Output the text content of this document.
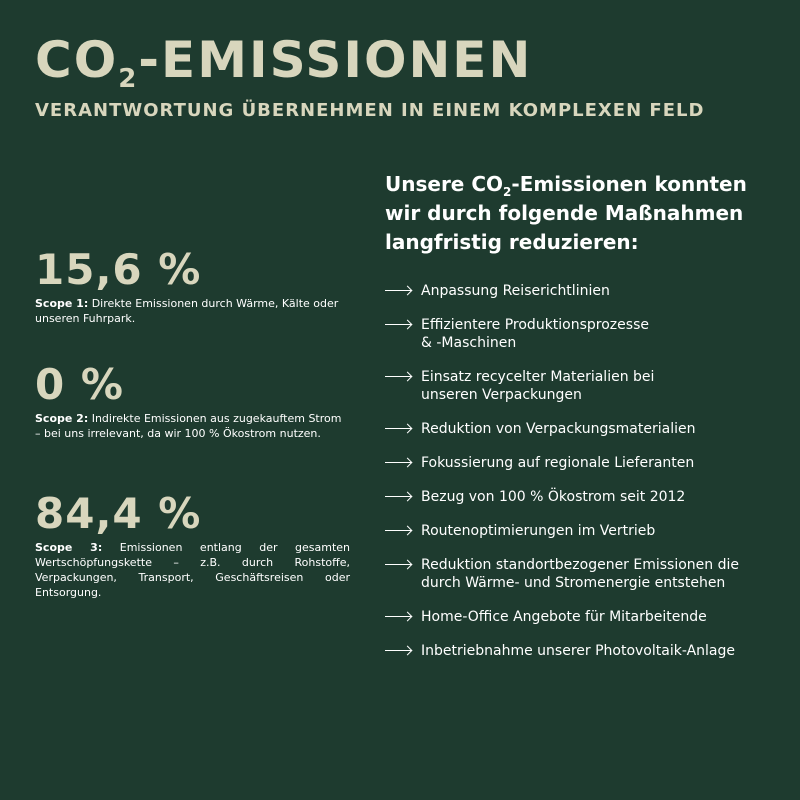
$CO_2$-EMISSIONEN
VERANTWORTUNG ÜBERNEHMEN IN EINEM KOMPLEXEN FELD
15,6 %
Scope 1: Direkte Emissionen durch Wärme, Kälte oder unseren Fuhrpark.
0 %
Scope 2: Indirekte Emissionen aus zugekauftem Strom – bei uns irrelevant, da wir 100 % Ökostrom nutzen.
84,4 %
Scope 3: Emissionen entlang der gesamten Wertschöpfungskette – z.B. durch Rohstoffe, Verpackungen, Transport, Geschäftsreisen oder Entsorgung.
Unsere $CO_2$-Emissionen konnten wir durch folgende Maßnahmen langfristig reduzieren:
Anpassung Reiserichtlinien
Effizientere Produktionsprozesse
& -Maschinen
Einsatz recycelter Materialien bei
unseren Verpackungen
Reduktion von Verpackungsmaterialien
Fokussierung auf regionale Lieferanten
Bezug von 100 % Ökostrom seit 2012
Routenoptimierungen im Vertrieb
Reduktion standortbezogener Emissionen die
durch Wärme- und Stromenergie entstehen
Home-Office Angebote für Mitarbeitende
Inbetriebnahme unserer Photovoltaik-Anlage
